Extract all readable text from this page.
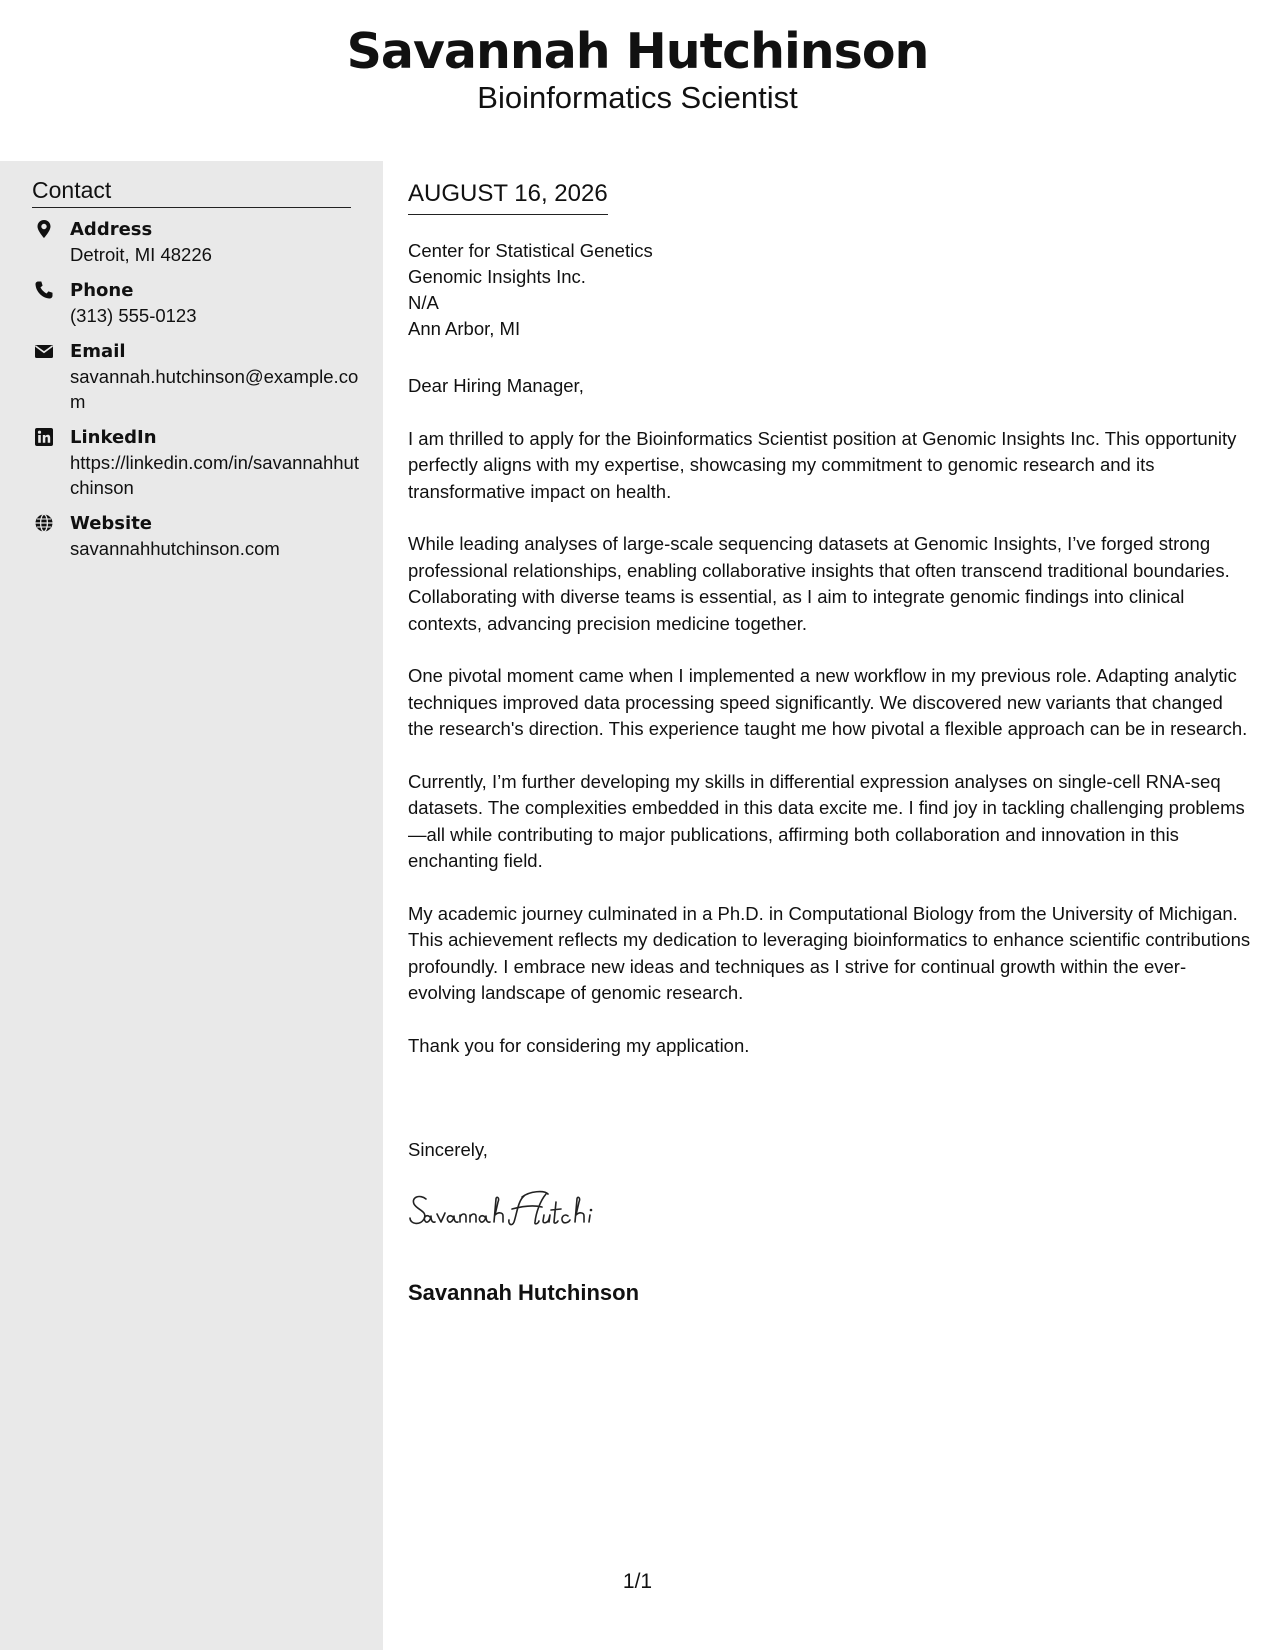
Savannah Hutchinson
Bioinformatics Scientist
Contact
Address
Detroit, MI 48226
Phone
(313) 555-0123
Email
savannah.hutchinson@example.com
LinkedIn
https://linkedin.com/in/savannahhutchinson
Website
savannahhutchinson.com
AUGUST 16, 2026
Center for Statistical Genetics
Genomic Insights Inc.
N/A
Ann Arbor, MI

Dear Hiring Manager,

I am thrilled to apply for the Bioinformatics Scientist position at Genomic Insights Inc. This opportunity perfectly aligns with my expertise, showcasing my commitment to genomic research and its transformative impact on health.

While leading analyses of large-scale sequencing datasets at Genomic Insights, I’ve forged strong professional relationships, enabling collaborative insights that often transcend traditional boundaries. Collaborating with diverse teams is essential, as I aim to integrate genomic findings into clinical contexts, advancing precision medicine together.

One pivotal moment came when I implemented a new workflow in my previous role. Adapting analytic techniques improved data processing speed significantly. We discovered new variants that changed the research's direction. This experience taught me how pivotal a flexible approach can be in research.

Currently, I’m further developing my skills in differential expression analyses on single-cell RNA-seq datasets. The complexities embedded in this data excite me. I find joy in tackling challenging problems—all while contributing to major publications, affirming both collaboration and innovation in this enchanting field.

My academic journey culminated in a Ph.D. in Computational Biology from the University of Michigan. This achievement reflects my dedication to leveraging bioinformatics to enhance scientific contributions profoundly. I embrace new ideas and techniques as I strive for continual growth within the ever-evolving landscape of genomic research.

Thank you for considering my application.

Sincerely,
Savannah Hutchinson
1/1
